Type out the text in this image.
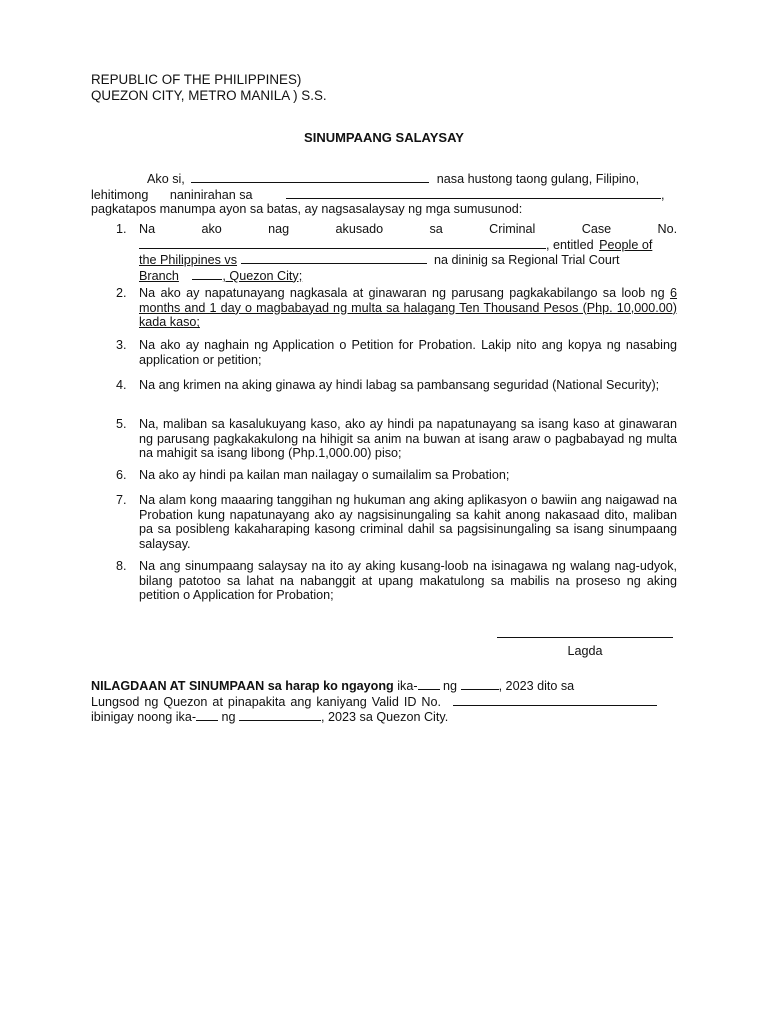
REPUBLIC OF THE PHILIPPINES)
QUEZON CITY, METRO MANILA ) S.S.
SINUMPAANG SALAYSAY
Ako si,	nasa hustong taong gulang, Filipino,
lehitimong naninirahan sa	,
pagkatapos manumpa ayon sa batas, ay nagsasalaysay ng mga sumusunod:
1. Na	ako	nag	akusado	sa	Criminal	Case	No.
, entitled People of
the Philippines vs	na dininig sa Regional Trial Court
Branch	, Quezon City;
2. Na ako ay napatunayang nagkasala at ginawaran ng parusang pagkakabilango sa loob ng 6 months and 1 day o magbabayad ng multa sa halagang Ten Thousand Pesos (Php. 10,000.00) kada kaso;
3. Na ako ay naghain ng Application o Petition for Probation. Lakip nito ang kopya ng nasabing application or petition;
4. Na ang krimen na aking ginawa ay hindi labag sa pambansang seguridad (National Security);
5. Na, maliban sa kasalukuyang kaso, ako ay hindi pa napatunayang sa isang kaso at ginawaran ng parusang pagkakakulong na hihigit sa anim na buwan at isang araw o pagbabayad ng multa na mahigit sa isang libong (Php.1,000.00) piso;
6. Na ako ay hindi pa kailan man nailagay o sumailalim sa Probation;
7. Na alam kong maaaring tanggihan ng hukuman ang aking aplikasyon o bawiin ang naigawad na Probation kung napatunayang ako ay nagsisinungaling sa kahit anong nakasaad dito, maliban pa sa posibleng kakaharaping kasong criminal dahil sa pagsisinungaling sa isang sinumpaang salaysay.
8. Na ang sinumpaang salaysay na ito ay aking kusang-loob na isinagawa ng walang nag-udyok, bilang patotoo sa lahat na nabanggit at upang makatulong sa mabilis na proseso ng aking petition o Application for Probation;
Lagda
NILAGDAAN AT SINUMPAAN sa harap ko ngayong ika- ng	, 2023 dito sa
Lungsod ng Quezon at pinapakita ang kaniyang Valid ID No.
ibinigay noong ika- ng	, 2023 sa Quezon City.
